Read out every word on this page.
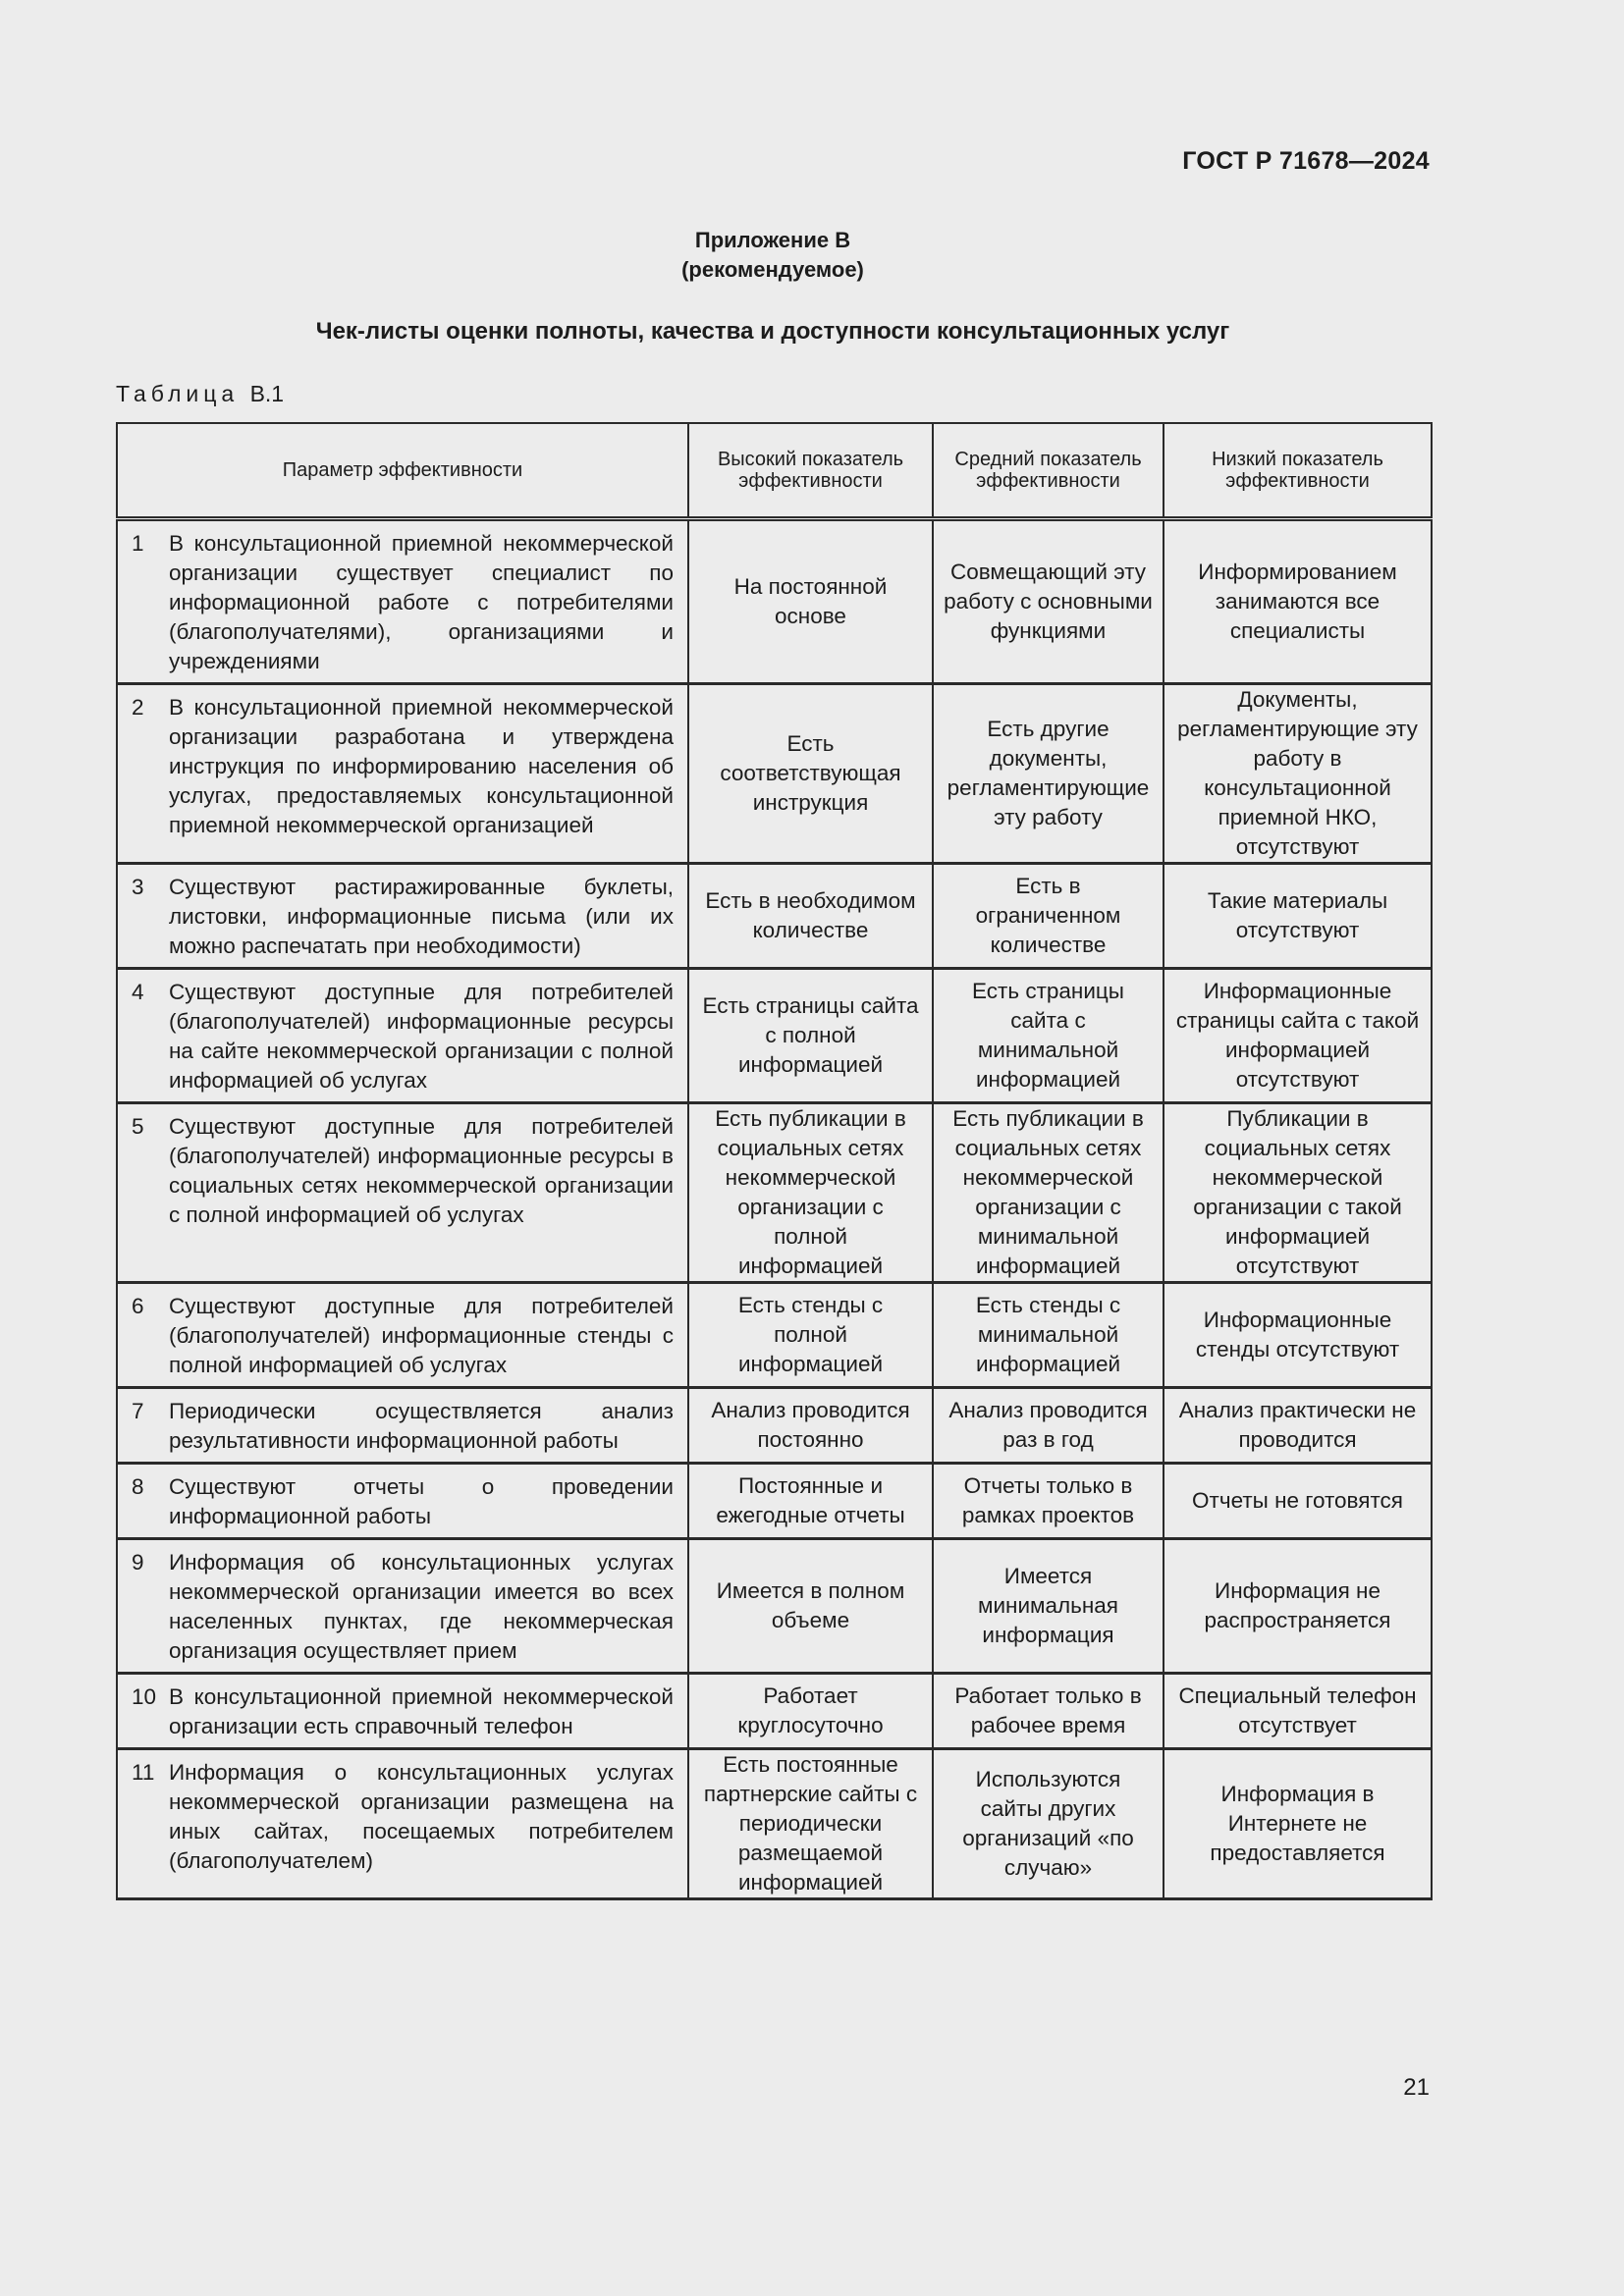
ГОСТ Р 71678—2024
Приложение В
(рекомендуемое)
Чек-листы оценки полноты, качества и доступности консультационных услуг
Таблица В.1
Параметр эффективности	Высокий показатель эффективности	Средний показатель эффективности	Низкий показатель эффективности

1 В консультационной приемной некоммерческой организации существует специалист по информационной работе с потребителями (благополучателями), организациями и учреждениями	На постоянной основе	Совмещающий эту работу с основными функциями	Информированием занимаются все специалисты

2 В консультационной приемной некоммерческой организации разработана и утверждена инструкция по информированию населения об услугах, предоставляемых консультационной приемной некоммерческой организацией	Есть соответствующая инструкция	Есть другие документы, регламентирующие эту работу	Документы, регламентирующие эту работу в консультационной приемной НКО, отсутствуют

3 Существуют растиражированные буклеты, листовки, информационные письма (или их можно распечатать при необходимости)	Есть в необходимом количестве	Есть в ограниченном количестве	Такие материалы отсутствуют

4 Существуют доступные для потребителей (благополучателей) информационные ресурсы на сайте некоммерческой организации с полной информацией об услугах	Есть страницы сайта с полной информацией	Есть страницы сайта с минимальной информацией	Информационные страницы сайта с такой информацией отсутствуют

5 Существуют доступные для потребителей (благополучателей) информационные ресурсы в социальных сетях некоммерческой организации с полной информацией об услугах	Есть публикации в социальных сетях некоммерческой организации с полной информацией	Есть публикации в социальных сетях некоммерческой организации с минимальной информацией	Публикации в социальных сетях некоммерческой организации с такой информацией отсутствуют

6 Существуют доступные для потребителей (благополучателей) информационные стенды с полной информацией об услугах	Есть стенды с полной информацией	Есть стенды с минимальной информацией	Информационные стенды отсутствуют

7 Периодически осуществляется анализ результативности информационной работы	Анализ проводится постоянно	Анализ проводится раз в год	Анализ практически не проводится

8 Существуют отчеты о проведении информационной работы	Постоянные и ежегодные отчеты	Отчеты только в рамках проектов	Отчеты не готовятся

9 Информация об консультационных услугах некоммерческой организации имеется во всех населенных пунктах, где некоммерческая организация осуществляет прием	Имеется в полном объеме	Имеется минимальная информация	Информация не распространяется

10 В консультационной приемной некоммерческой организации есть справочный телефон	Работает круглосуточно	Работает только в рабочее время	Специальный телефон отсутствует

11 Информация о консультационных услугах некоммерческой организации размещена на иных сайтах, посещаемых потребителем (благополучателем)	Есть постоянные партнерские сайты с периодически размещаемой информацией	Используются сайты других организаций «по случаю»	Информация в Интернете не предоставляется
21
